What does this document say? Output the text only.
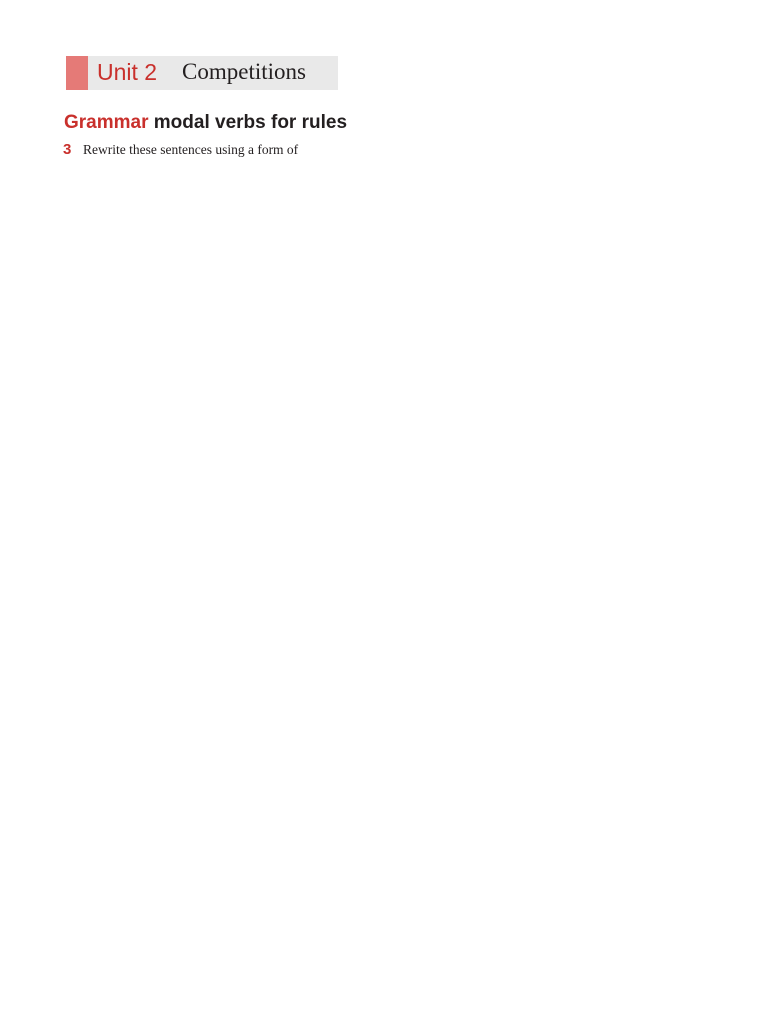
Unit 2 Competitions
Grammar modal verbs for rules
3 Rewrite these sentences using a form of
